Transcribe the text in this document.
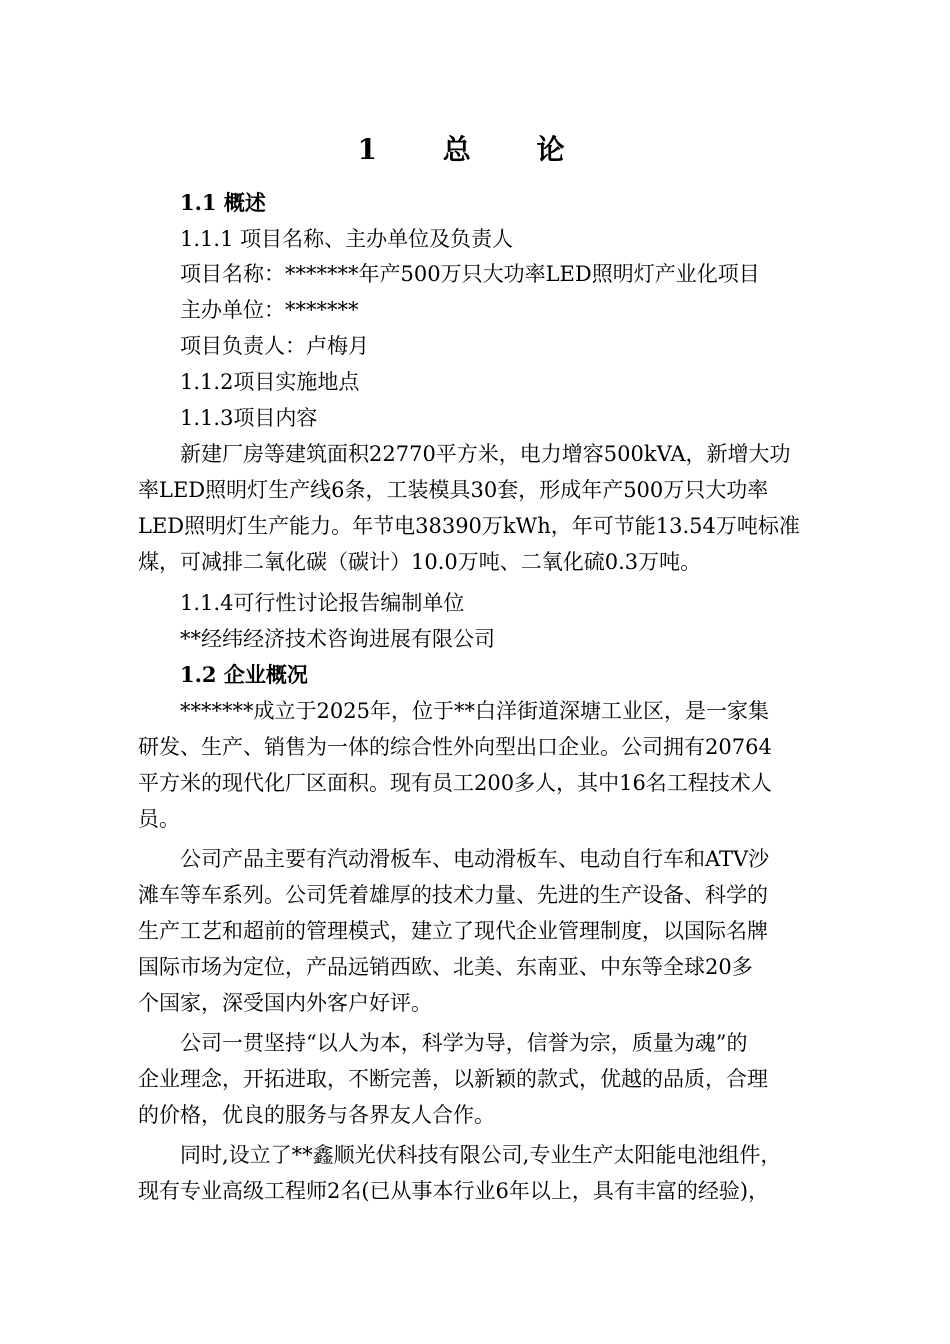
1 总 论
1.1 概述
1.1.1 项目名称、主办单位及负责人
项目名称：*******年产500万只大功率LED照明灯产业化项目
主办单位：*******
项目负责人：卢梅月
1.1.2项目实施地点
1.1.3项目内容
新建厂房等建筑面积22770平方米，电力增容500kVA，新增大功
率LED照明灯生产线6条，工装模具30套，形成年产500万只大功率
LED照明灯生产能力。年节电38390万kWh，年可节能13.54万吨标准
煤，可减排二氧化碳（碳计）10.0万吨、二氧化硫0.3万吨。
1.1.4可行性讨论报告编制单位
**经纬经济技术咨询进展有限公司
1.2 企业概况
*******成立于2025年，位于**白洋街道深塘工业区，是一家集
研发、生产、销售为一体的综合性外向型出口企业。公司拥有20764
平方米的现代化厂区面积。现有员工200多人，其中16名工程技术人
员。
公司产品主要有汽动滑板车、电动滑板车、电动自行车和ATV沙
滩车等车系列。公司凭着雄厚的技术力量、先进的生产设备、科学的
生产工艺和超前的管理模式，建立了现代企业管理制度，以国际名牌
国际市场为定位，产品远销西欧、北美、东南亚、中东等全球20多
个国家，深受国内外客户好评。
公司一贯坚持“以人为本，科学为导，信誉为宗，质量为魂”的
企业理念，开拓进取，不断完善，以新颖的款式，优越的品质，合理
的价格，优良的服务与各界友人合作。
同时,设立了**鑫顺光伏科技有限公司,专业生产太阳能电池组件，
现有专业高级工程师2名(已从事本行业6年以上，具有丰富的经验)，
